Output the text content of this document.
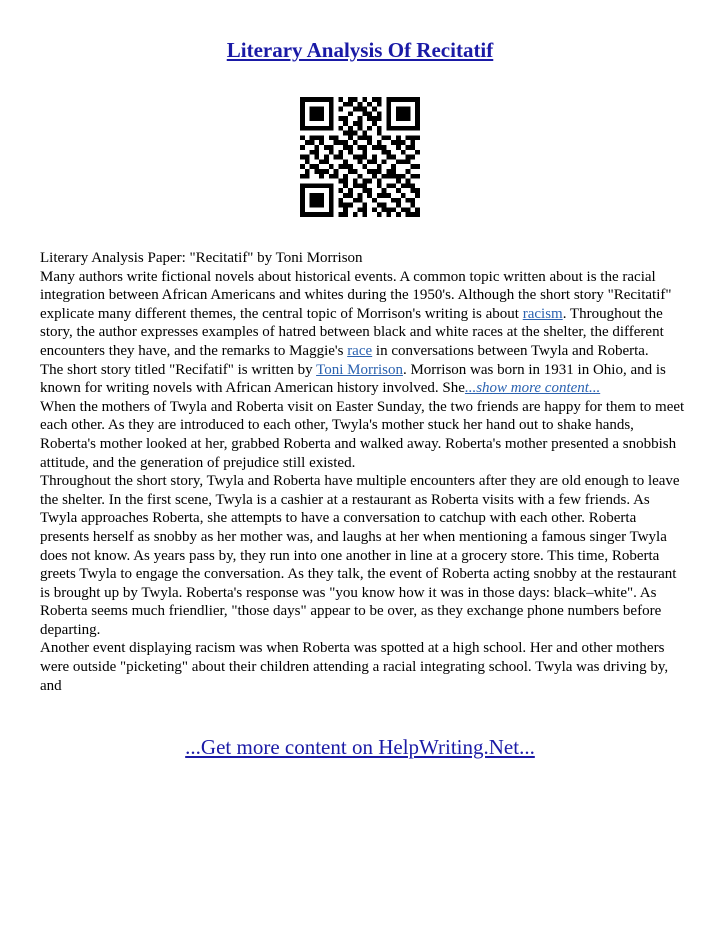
Literary Analysis Of Recitatif

Literary Analysis Paper: "Recitatif" by Toni Morrison

Many authors write fictional novels about historical events. A common topic written about is the racial integration between African Americans and whites during the 1950's. Although the short story "Recitatif" explicate many different themes, the central topic of Morrison's writing is about racism. Throughout the story, the author expresses examples of hatred between black and white races at the shelter, the different encounters they have, and the remarks to Maggie's race in conversations between Twyla and Roberta.

The short story titled "Recifatif" is written by Toni Morrison. Morrison was born in 1931 in Ohio, and is known for writing novels with African American history involved. She...show more content...

When the mothers of Twyla and Roberta visit on Easter Sunday, the two friends are happy for them to meet each other. As they are introduced to each other, Twyla's mother stuck her hand out to shake hands, Roberta's mother looked at her, grabbed Roberta and walked away. Roberta's mother presented a snobbish attitude, and the generation of prejudice still existed.

Throughout the short story, Twyla and Roberta have multiple encounters after they are old enough to leave the shelter. In the first scene, Twyla is a cashier at a restaurant as Roberta visits with a few friends. As Twyla approaches Roberta, she attempts to have a conversation to catchup with each other. Roberta presents herself as snobby as her mother was, and laughs at her when mentioning a famous singer Twyla does not know. As years pass by, they run into one another in line at a grocery store. This time, Roberta greets Twyla to engage the conversation. As they talk, the event of Roberta acting snobby at the restaurant is brought up by Twyla. Roberta's response was "you know how it was in those days: black–white". As Roberta seems much friendlier, "those days" appear to be over, as they exchange phone numbers before departing.

Another event displaying racism was when Roberta was spotted at a high school. Her and other mothers were outside "picketing" about their children attending a racial integrating school. Twyla was driving by, and

...Get more content on HelpWriting.Net...
